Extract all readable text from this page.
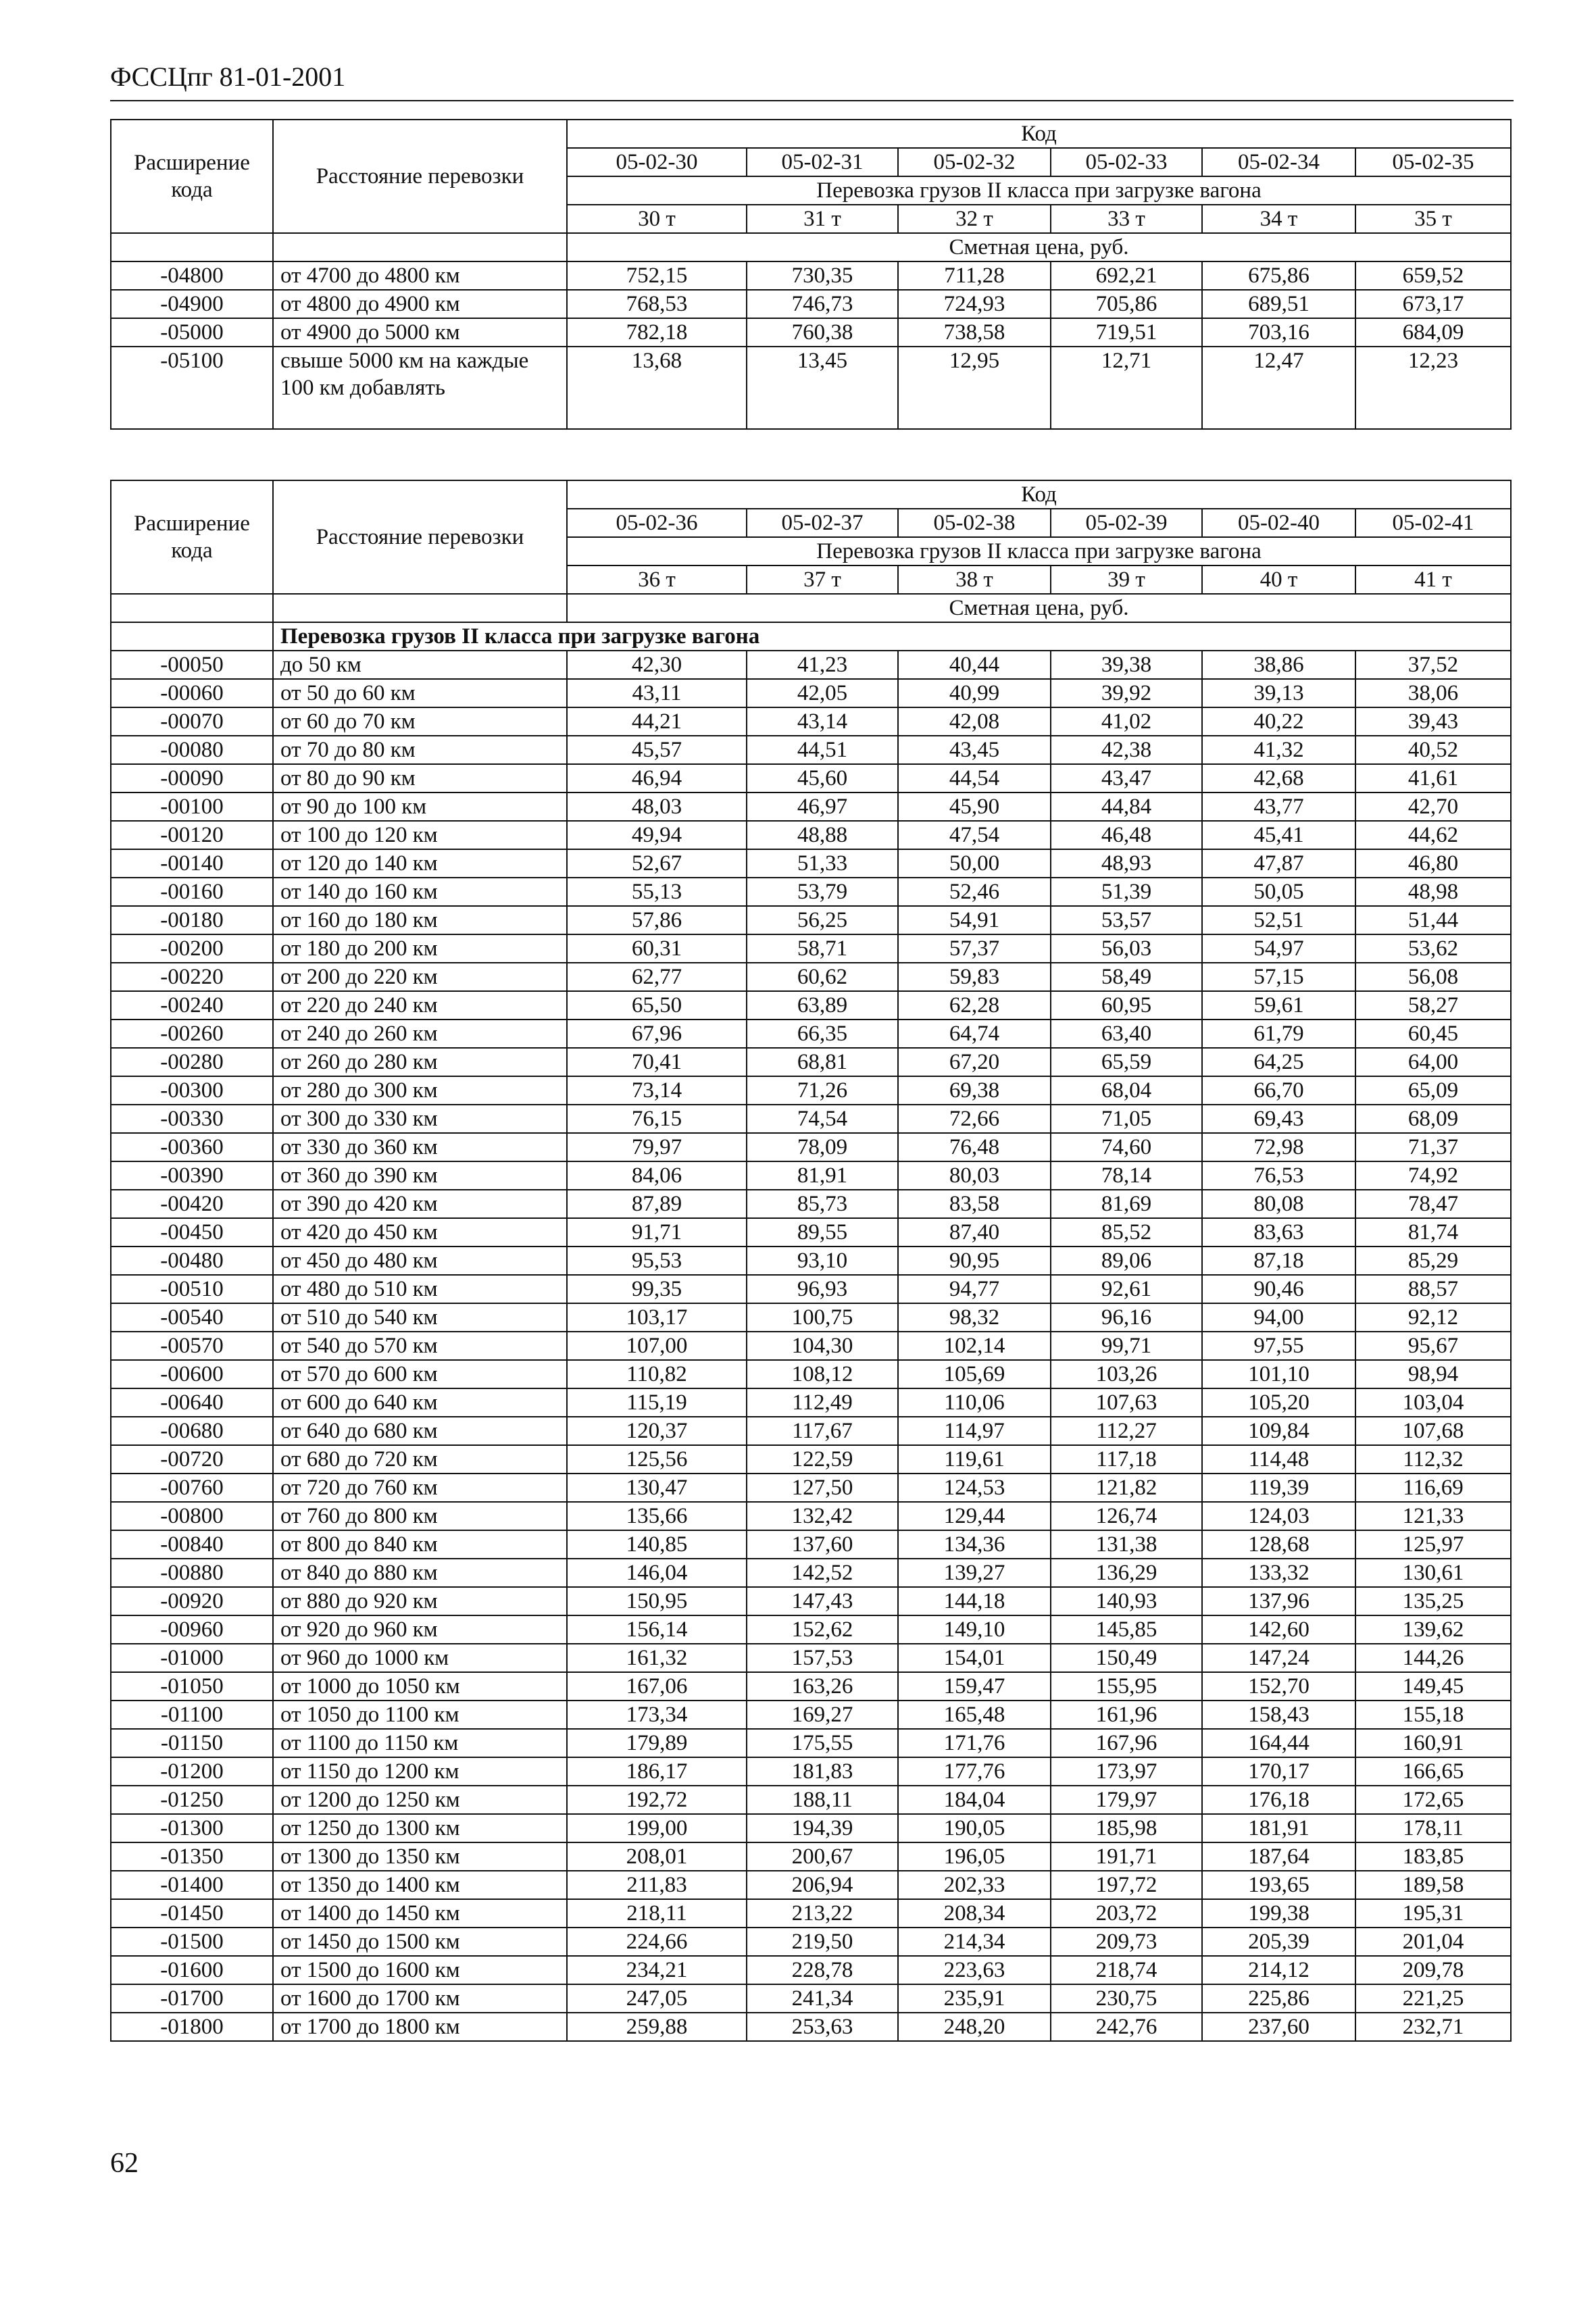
ФССЦпг 81-01-2001
Расширение кода	Расстояние перевозки	Код					
		05-02-30	05-02-31	05-02-32	05-02-33	05-02-34	05-02-35
		Перевозка грузов II класса при загрузке вагона					
		30 т	31 т	32 т	33 т	34 т	35 т
		Сметная цена, руб.					
-04800	от 4700 до 4800 км	752,15	730,35	711,28	692,21	675,86	659,52
-04900	от 4800 до 4900 км	768,53	746,73	724,93	705,86	689,51	673,17
-05000	от 4900 до 5000 км	782,18	760,38	738,58	719,51	703,16	684,09
-05100	свыше 5000 км на каждые 100 км добавлять	13,68	13,45	12,95	12,71	12,47	12,23
Расширение кода	Расстояние перевозки	Код					
		05-02-36	05-02-37	05-02-38	05-02-39	05-02-40	05-02-41
		Перевозка грузов II класса при загрузке вагона					
		36 т	37 т	38 т	39 т	40 т	41 т
		Сметная цена, руб.					
	Перевозка грузов II класса при загрузке вагона						
-00050	до 50 км	42,30	41,23	40,44	39,38	38,86	37,52
-00060	от 50 до 60 км	43,11	42,05	40,99	39,92	39,13	38,06
-00070	от 60 до 70 км	44,21	43,14	42,08	41,02	40,22	39,43
-00080	от 70 до 80 км	45,57	44,51	43,45	42,38	41,32	40,52
-00090	от 80 до 90 км	46,94	45,60	44,54	43,47	42,68	41,61
-00100	от 90 до 100 км	48,03	46,97	45,90	44,84	43,77	42,70
-00120	от 100 до 120 км	49,94	48,88	47,54	46,48	45,41	44,62
-00140	от 120 до 140 км	52,67	51,33	50,00	48,93	47,87	46,80
-00160	от 140 до 160 км	55,13	53,79	52,46	51,39	50,05	48,98
-00180	от 160 до 180 км	57,86	56,25	54,91	53,57	52,51	51,44
-00200	от 180 до 200 км	60,31	58,71	57,37	56,03	54,97	53,62
-00220	от 200 до 220 км	62,77	60,62	59,83	58,49	57,15	56,08
-00240	от 220 до 240 км	65,50	63,89	62,28	60,95	59,61	58,27
-00260	от 240 до 260 км	67,96	66,35	64,74	63,40	61,79	60,45
-00280	от 260 до 280 км	70,41	68,81	67,20	65,59	64,25	64,00
-00300	от 280 до 300 км	73,14	71,26	69,38	68,04	66,70	65,09
-00330	от 300 до 330 км	76,15	74,54	72,66	71,05	69,43	68,09
-00360	от 330 до 360 км	79,97	78,09	76,48	74,60	72,98	71,37
-00390	от 360 до 390 км	84,06	81,91	80,03	78,14	76,53	74,92
-00420	от 390 до 420 км	87,89	85,73	83,58	81,69	80,08	78,47
-00450	от 420 до 450 км	91,71	89,55	87,40	85,52	83,63	81,74
-00480	от 450 до 480 км	95,53	93,10	90,95	89,06	87,18	85,29
-00510	от 480 до 510 км	99,35	96,93	94,77	92,61	90,46	88,57
-00540	от 510 до 540 км	103,17	100,75	98,32	96,16	94,00	92,12
-00570	от 540 до 570 км	107,00	104,30	102,14	99,71	97,55	95,67
-00600	от 570 до 600 км	110,82	108,12	105,69	103,26	101,10	98,94
-00640	от 600 до 640 км	115,19	112,49	110,06	107,63	105,20	103,04
-00680	от 640 до 680 км	120,37	117,67	114,97	112,27	109,84	107,68
-00720	от 680 до 720 км	125,56	122,59	119,61	117,18	114,48	112,32
-00760	от 720 до 760 км	130,47	127,50	124,53	121,82	119,39	116,69
-00800	от 760 до 800 км	135,66	132,42	129,44	126,74	124,03	121,33
-00840	от 800 до 840 км	140,85	137,60	134,36	131,38	128,68	125,97
-00880	от 840 до 880 км	146,04	142,52	139,27	136,29	133,32	130,61
-00920	от 880 до 920 км	150,95	147,43	144,18	140,93	137,96	135,25
-00960	от 920 до 960 км	156,14	152,62	149,10	145,85	142,60	139,62
-01000	от 960 до 1000 км	161,32	157,53	154,01	150,49	147,24	144,26
-01050	от 1000 до 1050 км	167,06	163,26	159,47	155,95	152,70	149,45
-01100	от 1050 до 1100 км	173,34	169,27	165,48	161,96	158,43	155,18
-01150	от 1100 до 1150 км	179,89	175,55	171,76	167,96	164,44	160,91
-01200	от 1150 до 1200 км	186,17	181,83	177,76	173,97	170,17	166,65
-01250	от 1200 до 1250 км	192,72	188,11	184,04	179,97	176,18	172,65
-01300	от 1250 до 1300 км	199,00	194,39	190,05	185,98	181,91	178,11
-01350	от 1300 до 1350 км	208,01	200,67	196,05	191,71	187,64	183,85
-01400	от 1350 до 1400 км	211,83	206,94	202,33	197,72	193,65	189,58
-01450	от 1400 до 1450 км	218,11	213,22	208,34	203,72	199,38	195,31
-01500	от 1450 до 1500 км	224,66	219,50	214,34	209,73	205,39	201,04
-01600	от 1500 до 1600 км	234,21	228,78	223,63	218,74	214,12	209,78
-01700	от 1600 до 1700 км	247,05	241,34	235,91	230,75	225,86	221,25
-01800	от 1700 до 1800 км	259,88	253,63	248,20	242,76	237,60	232,71
62
